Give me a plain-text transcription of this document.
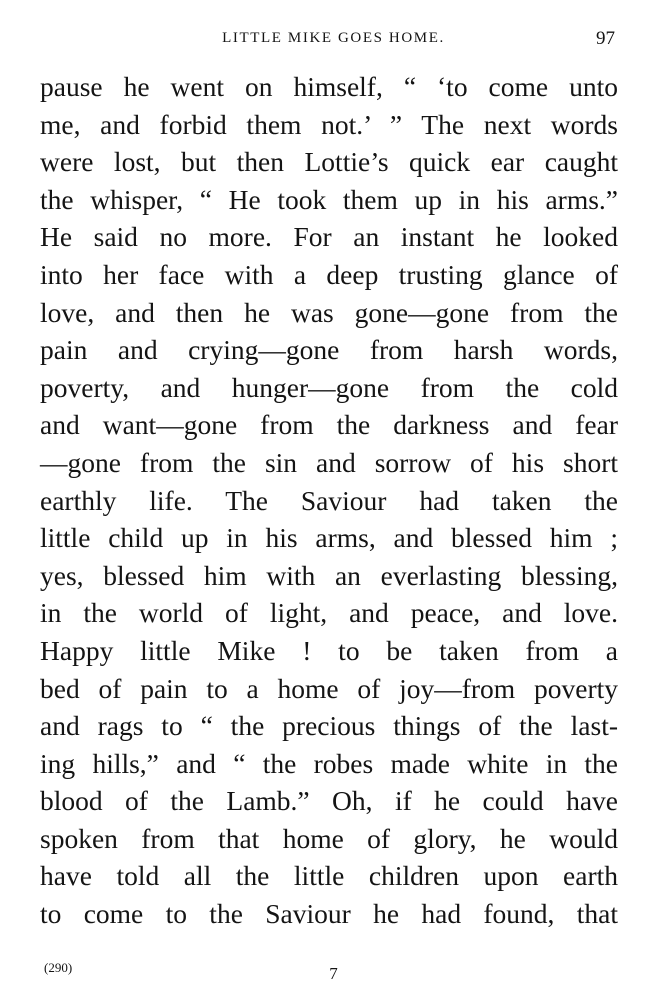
LITTLE MIKE GOES HOME.	97
pause he went on himself, “ ‘to come unto
me, and forbid them not.’ ” The next words
were lost, but then Lottie’s quick ear caught
the whisper, “ He took them up in his arms.”
He said no more. For an instant he looked
into her face with a deep trusting glance of
love, and then he was gone—gone from the
pain and crying—gone from harsh words,
poverty, and hunger—gone from the cold
and want—gone from the darkness and fear
—gone from the sin and sorrow of his short
earthly life. The Saviour had taken the
little child up in his arms, and blessed him ;
yes, blessed him with an everlasting blessing,
in the world of light, and peace, and love.
Happy little Mike ! to be taken from a
bed of pain to a home of joy—from poverty
and rags to “ the precious things of the last-
ing hills,” and “ the robes made white in the
blood of the Lamb.” Oh, if he could have
spoken from that home of glory, he would
have told all the little children upon earth
to come to the Saviour he had found, that
(290)	7
